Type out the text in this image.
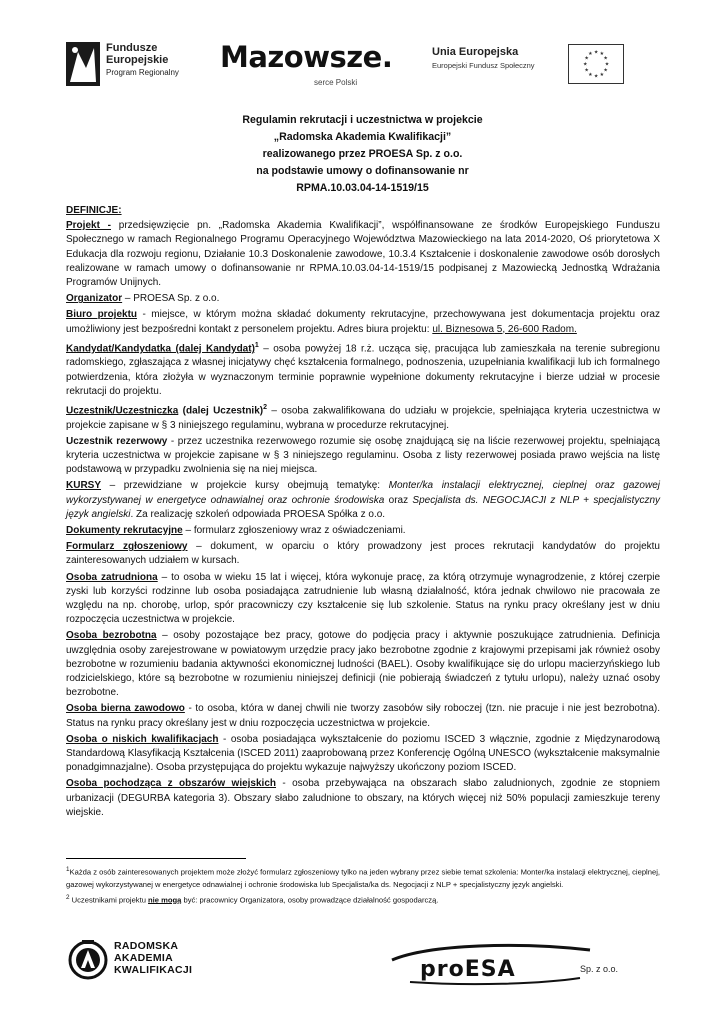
Fundusze
Europejskie
Program Regionalny Mazowsze.
serce Polski
Unia Europejska
Europejski Fundusz Społeczny
★ ★
★
★
★
★
★
★
★
★
★
★
Regulamin rekrutacji i uczestnictwa w projekcie
„Radomska Akademia Kwalifikacji”
realizowanego przez PROESA Sp. z o.o.
na podstawie umowy o dofinansowanie nr
RPMA.10.03.04-14-1519/15
DEFINICJE:

Projekt - przedsięwzięcie pn. „Radomska Akademia Kwalifikacji”, współfinansowane ze środków Europejskiego Funduszu Społecznego w ramach Regionalnego Programu Operacyjnego Województwa Mazowieckiego na lata 2014-2020, Oś priorytetowa X Edukacja dla rozwoju regionu, Działanie 10.3 Doskonalenie zawodowe, 10.3.4 Kształcenie i doskonalenie zawodowe osób dorosłych realizowane w ramach umowy o dofinansowanie nr RPMA.10.03.04-14-1519/15 podpisanej z Mazowiecką Jednostką Wdrażania Programów Unijnych.

Organizator – PROESA Sp. z o.o.

Biuro projektu - miejsce, w którym można składać dokumenty rekrutacyjne, przechowywana jest dokumentacja projektu oraz umożliwiony jest bezpośredni kontakt z personelem projektu. Adres biura projektu: ul. Biznesowa 5, 26-600 Radom.

Kandydat/Kandydatka (dalej Kandydat)$^1$ – osoba powyżej 18 r.ż. ucząca się, pracująca lub zamieszkała na terenie subregionu radomskiego, zgłaszająca z własnej inicjatywy chęć kształcenia formalnego, podnoszenia, uzupełniania kwalifikacji lub ich formalnego potwierdzenia, która złożyła w wyznaczonym terminie poprawnie wypełnione dokumenty rekrutacyjne i bierze udział w procesie rekrutacji do projektu.

Uczestnik/Uczestniczka (dalej Uczestnik)$^2$ – osoba zakwalifikowana do udziału w projekcie, spełniająca kryteria uczestnictwa w projekcie zapisane w § 3 niniejszego regulaminu, wybrana w procedurze rekrutacyjnej.

Uczestnik rezerwowy - przez uczestnika rezerwowego rozumie się osobę znajdującą się na liście rezerwowej projektu, spełniającą kryteria uczestnictwa w projekcie zapisane w § 3 niniejszego regulaminu. Osoba z listy rezerwowej posiada prawo wejścia na listę podstawową w przypadku zwolnienia się na niej miejsca.

KURSY – przewidziane w projekcie kursy obejmują tematykę: Monter/ka instalacji elektrycznej, cieplnej oraz gazowej wykorzystywanej w energetyce odnawialnej oraz ochronie środowiska oraz Specjalista ds. NEGOCJACJI z NLP + specjalistyczny język angielski. Za realizację szkoleń odpowiada PROESA Spółka z o.o.

Dokumenty rekrutacyjne – formularz zgłoszeniowy wraz z oświadczeniami.

Formularz zgłoszeniowy – dokument, w oparciu o który prowadzony jest proces rekrutacji kandydatów do projektu zainteresowanych udziałem w kursach.

Osoba zatrudniona – to osoba w wieku 15 lat i więcej, która wykonuje pracę, za którą otrzymuje wynagrodzenie, z której czerpie zyski lub korzyści rodzinne lub osoba posiadająca zatrudnienie lub własną działalność, która jednak chwilowo nie pracowała ze względu na np. chorobę, urlop, spór pracowniczy czy kształcenie się lub szkolenie. Status na rynku pracy określany jest w dniu rozpoczęcia uczestnictwa w projekcie.

Osoba bezrobotna – osoby pozostające bez pracy, gotowe do podjęcia pracy i aktywnie poszukujące zatrudnienia. Definicja uwzględnia osoby zarejestrowane w powiatowym urzędzie pracy jako bezrobotne zgodnie z krajowymi przepisami jak również osoby bezrobotne w rozumieniu badania aktywności ekonomicznej ludności (BAEL). Osoby kwalifikujące się do urlopu macierzyńskiego lub rodzicielskiego, które są bezrobotne w rozumieniu niniejszej definicji (nie pobierają świadczeń z tytułu urlopu), należy uznać osoby bezrobotne.

Osoba bierna zawodowo - to osoba, która w danej chwili nie tworzy zasobów siły roboczej (tzn. nie pracuje i nie jest bezrobotna). Status na rynku pracy określany jest w dniu rozpoczęcia uczestnictwa w projekcie.

Osoba o niskich kwalifikacjach - osoba posiadająca wykształcenie do poziomu ISCED 3 włącznie, zgodnie z Międzynarodową Standardową Klasyfikacją Kształcenia (ISCED 2011) zaaprobowaną przez Konferencję Ogólną UNESCO (wykształcenie maksymalnie ponadgimnazjalne). Osoba przystępująca do projektu wykazuje najwyższy ukończony poziom ISCED.

Osoba pochodząca z obszarów wiejskich - osoba przebywająca na obszarach słabo zaludnionych, zgodnie ze stopniem urbanizacji (DEGURBA kategoria 3). Obszary słabo zaludnione to obszary, na których więcej niż 50% populacji zamieszkuje tereny wiejskie.

$^1$Każda z osób zainteresowanych projektem może złożyć formularz zgłoszeniowy tylko na jeden wybrany przez siebie temat szkolenia: Monter/ka instalacji elektrycznej, cieplnej, gazowej wykorzystywanej w energetyce odnawialnej i ochronie środowiska lub Specjalista/ka ds. Negocjacji z NLP + specjalistyczny język angielski.

$^2$ Uczestnikami projektu nie mogą być: pracownicy Organizatora, osoby prowadzące działalność gospodarczą.

RADOMSKA
AKADEMIA
KWALIFIKACJI	proESA	Sp. z o.o.
